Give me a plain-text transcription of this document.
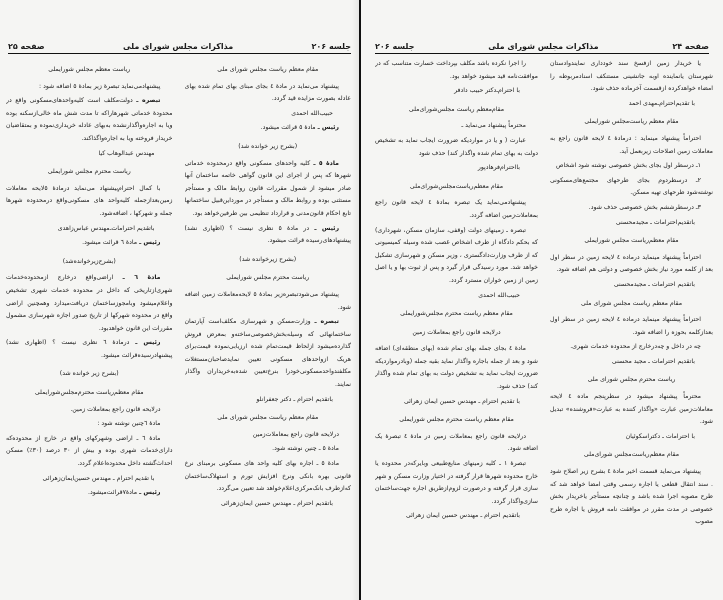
جلسه ۲۰۶
مذاکرات مجلس شورای ملی
صفحه ۲۵
مقام معظم ریاست مجلس شورای ملی
پیشنهاد می‌نماید در مادهٔ ٤ بجای مبنای بهای تمام شده بهای عادله بصورت مزایده قید گردد.
حبیب‌الله احمدی
رئیس ـ مادهٔ ٥ قرائت میشود.
(بشرح زیر خوانده شد)
مادهٔ ٥ ـ کلیه واحدهای مسکونی واقع درمحدوده خدماتی شهرها که پس از اجرای این قانون گواهی خاتمه ساختمان آنها صادر میشود از شمول مقررات قانون روابط مالک و مستأجر مستثنی بوده و روابط مالک و مستأجر در مورداین‌قبیل ساختمانها تابع احکام قانون‌مدنی و قرارداد تنظیمی بین طرفین‌خواهد بود.
رئیس ـ در مادهٔ ٥ نظری نیست ؟ (اظهاری نشد) پیشنهادهای‌رسیده قرائت میشود.
(بشرح زیرخوانده شد)
ریاست محترم مجلس شورایملی
پیشنهاد می‌شودتبصره‌زیر بمادهٔ ٥ لایحه‌معاملات زمین اضافه شود.
تبصره ـ وزارت‌مسکن و شهرسازی مکلف‌است آپارتمان ساختمانهائی که وسیله‌بخش‌خصوصی‌ساخته‌و بمعرض فروش گذارده‌میشود ازلحاظ قیمت‌تمام شده ارزیابی‌نموده قیمت‌برای هریک ازواحدهای مسکونی تعیین نماید‌صاحبان‌مستغلات مکلفندواحدمسکونی‌خودرا بنرخ‌تعیین شده‌به‌خریداران واگذار نمایند.
باتقدیم احترام ـ دکتر جعفرانلو
مقام معظم ریاست مجلس شورای ملی
درلایحه قانون راجع بمعاملات‌زمین
مادهٔ ٥ ـ چنین نوشته شود.
مادهٔ ٥ ـ اجاره بهای کلیه واحد های مسکونی برمبنای نرخ قانونی بهره بانکی ونرخ افزایش تورم و استهلاک‌ساختمان که‌ازطرف بانک‌مرکزی‌اعلام‌خواهد شد تعیین می‌گردد.
باتقدیم احترام ـ مهندس حسین ایمان‌زهرائی
ریاست معظم مجلس شورایملی
پیشنهادمی‌نماید تبصرهٔ زیر بمادهٔ ٥ اضافه شود :
تبصره ـ دولت‌مکلف است کلیه‌واحدهای‌مسکونی واقع در محدودهٔ خدماتی شهرهاراکه تا مدت شش ماه خالی‌ازسکنه بوده ویا به اجاره‌واگذارنشده به‌بهای عادله خریداری‌نموده و بمتقاضیان خریدار فروخته ویا به اجاره‌واگذاکند.
مهندس عبدالوهاب کیا
ریاست محترم مجلس شورایملی
با کمال احترام‌پیشنهاد می‌نماید درمادهٔ ٥لایحه معاملات زمین‌بعدازجمله کلیه‌واحد های مسکونی‌واقع درمحدوده شهرها جمله و شهرکها ، اضافه‌شود.
باتقدیم احترامات‌ـ‌مهندس عباس‌زاهدی
رئیس ـ مادهٔ ٦ قرائت میشود.
(بشرح‌زیرخوانده‌شد)
مادهٔ ٦ ـ اراضی‌واقع درخارج ازمحدوده‌خدمات شهری‌ازتاریخی که داخل در محدوده خدمات شهری تشخیص واعلام‌میشود وبامجوزساختمان دریافت‌میدارد وهمچنین اراضی واقع در محدوده شهرکها از تاریخ صدور اجازه شهرسازی مشمول مقررات این قانون خواهدبود.
رئیس ـ درمادهٔ ٦ نظری نیست ؟ (اظهاری نشد) پیشنهادرسیده‌قرائت میشود.
(بشرح زیر خوانده شد)
مقام معظم‌ریاست محترم‌مجلس‌شورایملی
درلایحه قانون راجع بمعاملات زمین.
مادهٔ ٦چنین نوشته شود :
مادهٔ ٦ ـ اراضی وشهرکهای واقع در خارج از محدوده‌که دارای‌خدمات شهری بوده و بیش از ۳۰ درصد (۳۰٪) مسکن احداث‌گشته داخل محدوده‌اعلام گردد.
با تقدیم احترام ـ مهندس حسین‌ایمان‌زهرائی
رئیس ـ مادهٔ٧قرائت‌میشود.
صفحه ۲۴
مذاکرات مجلس شورای ملی
جلسه ۲۰۶
یا خریدار زمین ازفسخ سند خودداری نمایندوادستان شهرستان یانماینده اوبه جانشینی مستنکف اسنادمربوطه را امضاء خواهدکرده ازقسمت آخرماده حذف شود.
با تقدیم‌احترام‌ـ‌مهدی احمد
مقام معظم ریاست‌مجلس شورایملی
احتراماً پیشنهاد مینماید : درمادهٔ ٤ لایحه قانون راجع به معاملات زمین اصلاحات زیربعمل آید.
۱ـ درسطر اول بجای بخش خصوصی نوشته شود اشخاص
۲ـ درسطردوم بجای طرحهای مجتمع‌های‌مسکونی نوشته‌شود طرحهای تهیه مسکن.
۳ـ درسطرششم بخش خصوصی حذف شود.
باتقدیم‌احترامات ـ مجیدمحسنی
مقام معظم‌ریاست مجلس شورایملی
احتراماً پیشنهاد مینماید درماده ٤ لایحه زمین در سطر اول بعد از کلمه مورد نیاز بخش خصوصی و دولتی هم اضافه شود.
باتقدیم احترامات ـ مجیدمحسنی
مقام معظم ریاست مجلس شورای ملی
احتراماً پیشنهاد مینماید درماده ٤ لایحه زمین در سطر اول بعدازکلمه بحوزه را اضافه شود.
چه در داخل و چه‌درخارج از محدوده خدمات شهری.
باتقدیم احترامات ـ مجید محسنی
ریاست محترم مجلس شورای ملی
محترماً پیشنهاد میشود در سطرپنجم ماده ٤ لایحه معاملات‌زمین عبارت «واگذار کننده به عبارت«فروشنده» تبدیل شود.
با احترامات ـ دکتراسکوئیان
مقام معظم‌ریاست‌مجلس شورای‌ملی
پیشنهاد می‌نماید قسمت اخیر مادهٔ ٤ بشرح زیر اصلاح شود . سند انتقال قطعی یا اجاره رسمی وقتی امضا خواهد شد که طرح مصوبه اجرا شده باشد و چنانچه مستأجر یاخریدار بخش خصوصی در مدت مقرر در موافقت نامه فروش یا اجاره طرح مصوب
را اجرا نکرده باشد مکلف بپرداخت خسارت متناسب که در موافقت‌نامه قید میشود خواهد بود.
با احترام‌ـ‌دکتر حبیب دادفر
مقام‌معظم ریاست مجلس‌شورای‌ملی
محترماً پیشنهاد می‌نماید ـ
عبارت ( و یا در مواردیکه ضرورت ایجاب نماید به تشخیص دولت به بهای تمام شده واگذار کند) حذف شود
بااحترام‌فرهادپور
مقام معظم‌ریاست‌مجلس‌شورای‌ملی
پیشنهادمی‌نماید یک تبصره بمادهٔ ٤ لایحه قانون راجع بمعاملات‌زمین اضافه گردد.
تبصره ـ زمینهای دولت (وقفی، سازمان مسکن، شهرداری) که بحکم دادگاه از طرف اشخاص غصب شده وسیله کمیسیونی که از طرف وزارت‌دادگستری ، وزیر مسکن و شهرسازی تشکیل خواهد شد. مورد رسیدگی قرار گیرد و پس از ثبوت بها و یا اصل زمین از زمین خواران مسترد گردد.
حبیب‌الله احمدی
مقام معظم ریاست محترم مجلس‌شورایملی
درلایحه قانون راجع بمعاملات زمین
مادهٔ ٤ بجای جمله بهای تمام شده (بهای منطقه‌ای) اضافه شود و بعد از جمله باجاره واگذار نماید بقیه جمله (وبادرموارد‌یکه ضرورت ایجاب نماید به تشخیص دولت به بهای تمام شده واگذار کند) حذف شود.
با تقدیم احترام ـ مهندس حسین ایمان زهرائی
مقام معظم ریاست محترم مجلس شورایملی
درلایحه قانون راجع بمعاملات زمین در مادهٔ ٤ تبصرهٔ یک اضافه شود.
تبصرهٔ ۱ ـ کلیه زمینهای منابع‌طبیعی وبایرکه‌در محدوده یا خارج محدوده شهرها قرار گرفته در اختیار وزارت مسکن و شهر سازی قرار گرفته و درصورت لزوم‌ازطریق اجاره جهت‌ساختمان سازی‌واگذار گردد.
باتقدیم احترام ـ مهندس حسین ایمان زهرائی
